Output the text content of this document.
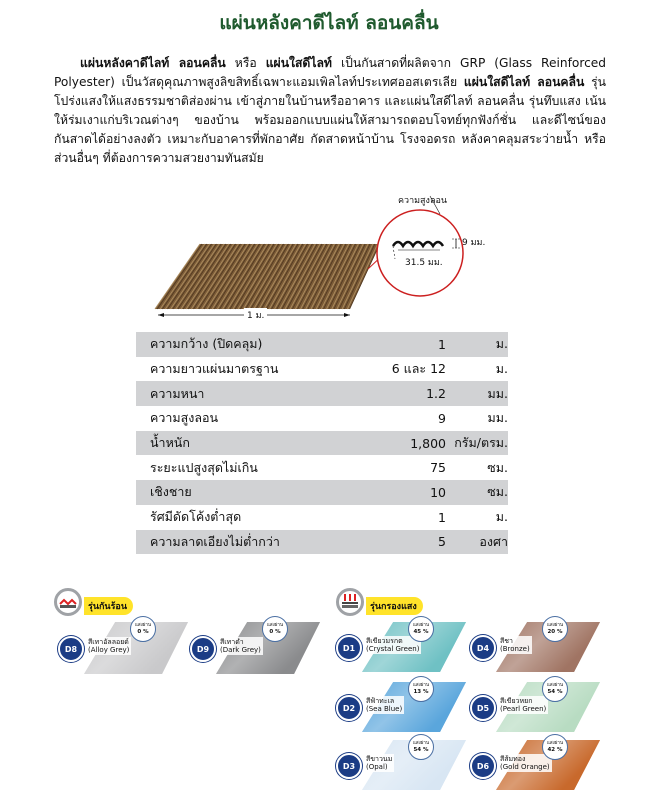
แผ่นหลังคาดีไลท์ ลอนคลื่น
แผ่นหลังคาดีไลท์ ลอนคลื่น หรือ แผ่นใสดีไลท์ เป็นกันสาดที่ผลิตจาก GRP (Glass Reinforced Polyester) เป็นวัสดุคุณภาพสูงลิขสิทธิ์เฉพาะแอมเพิลไลท์ประเทศออสเตรเลีย แผ่นใสดีไลท์ ลอนคลื่น รุ่นโปร่งแสงให้แสงธรรมชาติส่องผ่าน เข้าสู่ภายในบ้านหรืออาคาร และแผ่นใสดีไลท์ ลอนคลื่น รุ่นทึบแสง เน้นให้ร่มเงาแก่บริเวณต่างๆ ของบ้าน พร้อมออกแบบแผ่นให้สามารถตอบโจทย์ทุกฟังก์ชั่น และดีไซน์ของกันสาดได้อย่างลงตัว เหมาะกับอาคารที่พักอาศัย กัดสาดหน้าบ้าน โรงจอดรถ หลังคาคลุมสระว่ายน้ำ หรือส่วนอื่นๆ ที่ต้องการความสวยงามทันสมัย
ความสูงลอน
9 มม.
31.5 มม.
1 ม.
ความกว้าง (ปิดคลุม)	1	ม.
ความยาวแผ่นมาตรฐาน	6 และ 12	ม.
ความหนา	1.2	มม.
ความสูงลอน	9	มม.
น้ำหนัก	1,800 กรัม/ตรม.
ระยะแปสูงสุดไม่เกิน	75	ซม.
เชิงชาย	10	ซม.
รัศมีดัดโค้งต่ำสุด	1	ม.
ความลาดเอียงไม่ต่ำกว่า	5	องศา
รุ่นกันร้อน	รุ่นกรองแสง
D8
สีเทาอัลลอยด์
(Alloy Grey)
แสงผ่าน
0 %
D9
สีเทาดำ
(Dark Grey)
แสงผ่าน
0 %
D1
สีเขียวมรกต
(Crystal Green)
แสงผ่าน
45 %
D4
สีชา
(Bronze)
แสงผ่าน
20 %
D2
สีฟ้าทะเล
(Sea Blue)
แสงผ่าน
13 %
D5
สีเขียวหยก
(Pearl Green)
แสงผ่าน
54 %
D3
สีขาวนม
(Opal)
แสงผ่าน
54 %
D6
สีส้มทอง
(Gold Orange)
แสงผ่าน
42 %
